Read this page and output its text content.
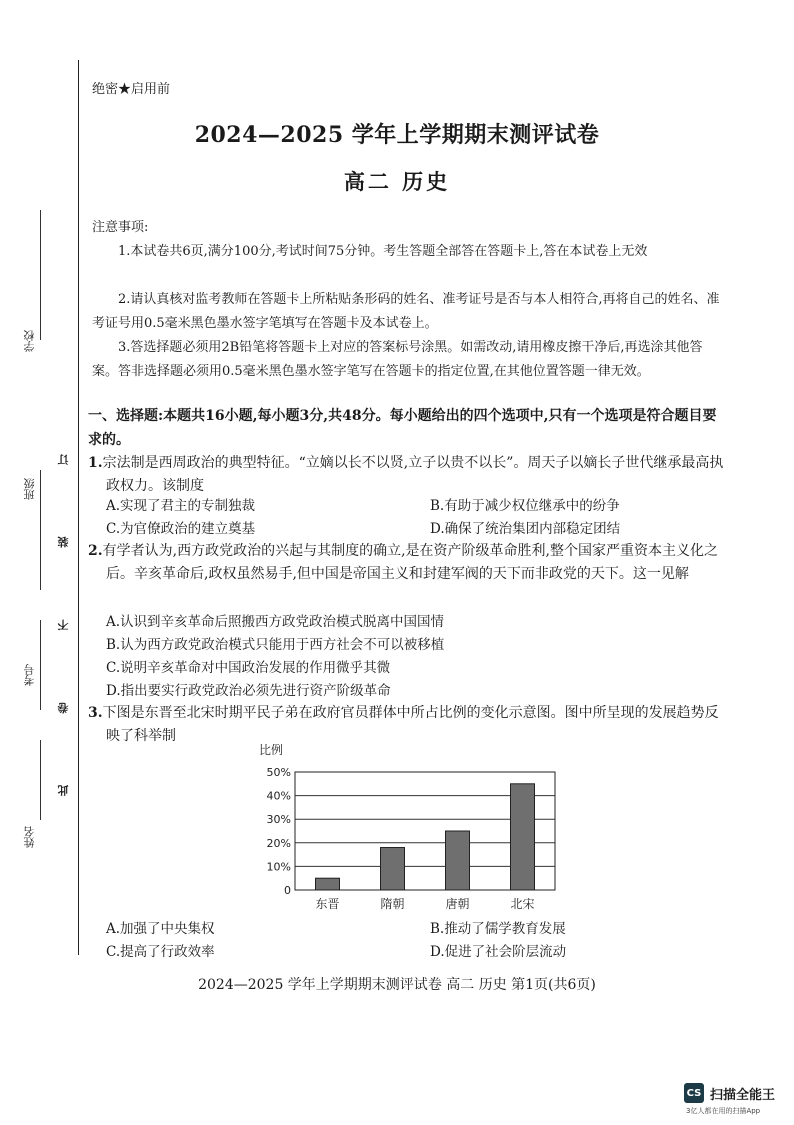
学校
班级
考号
姓名
此 卷 不 装 订
绝密★启用前
2024—2025 学年上学期期末测评试卷
高二 历史
注意事项:
1.本试卷共6页,满分100分,考试时间75分钟。考生答题全部答在答题卡上,答在本试卷上无效
2.请认真核对监考教师在答题卡上所粘贴条形码的姓名、准考证号是否与本人相符合,再将自己的姓名、准考证号用0.5毫米黑色墨水签字笔填写在答题卡及本试卷上。
3.答选择题必须用2B铅笔将答题卡上对应的答案标号涂黑。如需改动,请用橡皮擦干净后,再选涂其他答案。答非选择题必须用0.5毫米黑色墨水签字笔写在答题卡的指定位置,在其他位置答题一律无效。
一、选择题:本题共16小题,每小题3分,共48分。每小题给出的四个选项中,只有一个选项是符合题目要求的。
1.宗法制是西周政治的典型特征。“立嫡以长不以贤,立子以贵不以长”。周天子以嫡长子世代继承最高执政权力。该制度
A.实现了君主的专制独裁	B.有助于减少权位继承中的纷争
C.为官僚政治的建立奠基	D.确保了统治集团内部稳定团结
2.有学者认为,西方政党政治的兴起与其制度的确立,是在资产阶级革命胜利,整个国家严重资本主义化之后。辛亥革命后,政权虽然易手,但中国是帝国主义和封建军阀的天下而非政党的天下。这一见解
A.认识到辛亥革命后照搬西方政党政治模式脱离中国国情
B.认为西方政党政治模式只能用于西方社会不可以被移植
C.说明辛亥革命对中国政治发展的作用微乎其微
D.指出要实行政党政治必须先进行资产阶级革命
3.下图是东晋至北宋时期平民子弟在政府官员群体中所占比例的变化示意图。图中所呈现的发展趋势反映了科举制
比例
0
10%
20%
30%
40%
50%
东晋	隋朝	唐朝	北宋
A.加强了中央集权	B.推动了儒学教育发展
C.提高了行政效率	D.促进了社会阶层流动
2024—2025 学年上学期期末测评试卷 高二 历史 第1页(共6页)
CS 扫描全能王
3亿人都在用的扫描App
